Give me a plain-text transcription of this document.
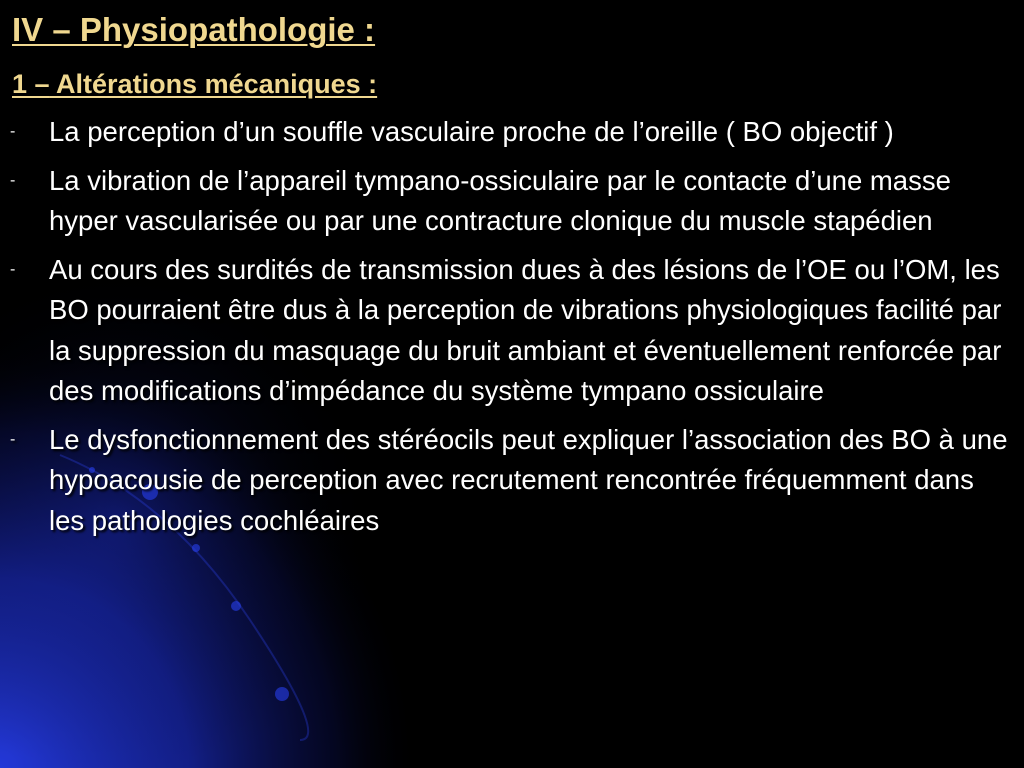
IV – Physiopathologie :
1 – Altérations mécaniques :
- La perception d’un souffle vasculaire proche de l’oreille ( BO objectif )
- La vibration de l’appareil tympano-ossiculaire par le contacte d’une masse hyper vascularisée ou par une contracture clonique du muscle stapédien
- Au cours des surdités de transmission dues à des lésions de l’OE ou l’OM, les BO pourraient être dus à la perception de vibrations physiologiques facilité par la suppression du masquage du bruit ambiant et éventuellement renforcée par des modifications d’impédance du système tympano ossiculaire
- Le dysfonctionnement des stéréocils peut expliquer l’association des BO à une hypoacousie de perception avec recrutement rencontrée fréquemment dans les pathologies cochléaires
